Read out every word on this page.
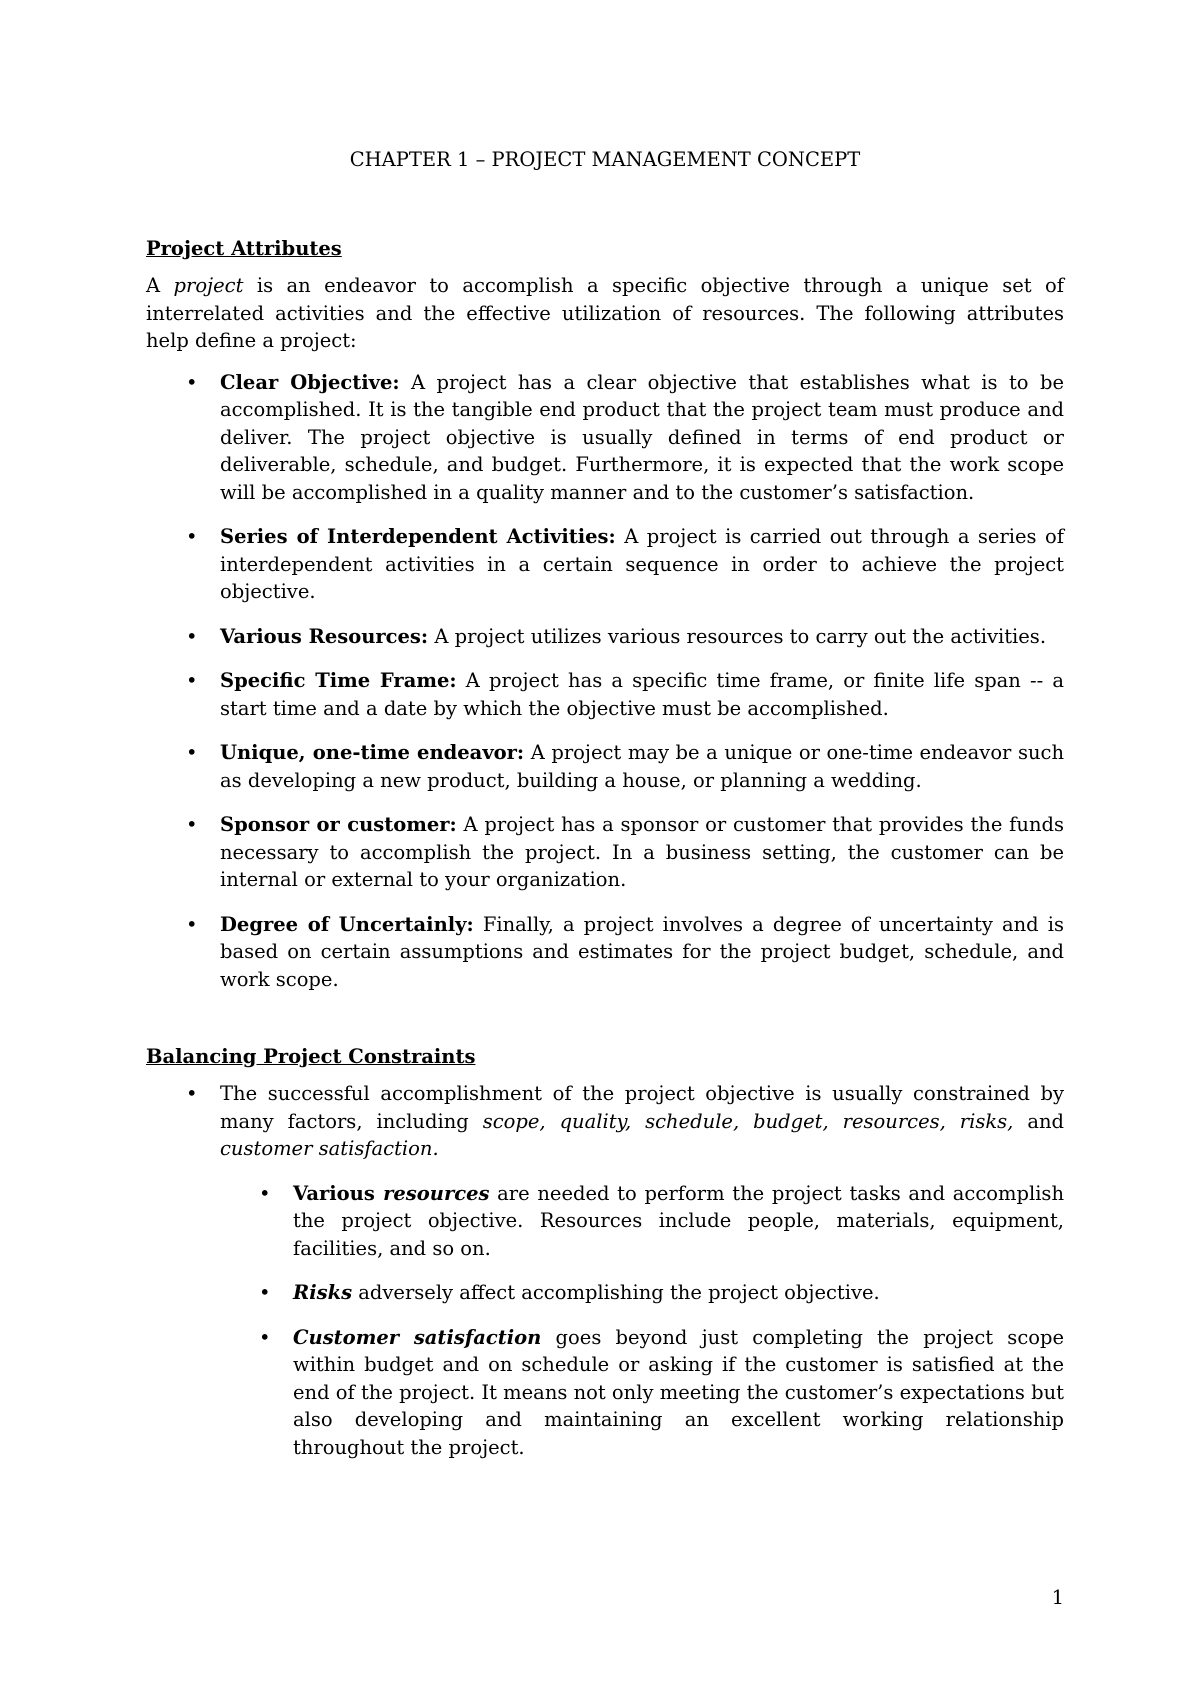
CHAPTER 1 – PROJECT MANAGEMENT CONCEPT
Project Attributes

A project is an endeavor to accomplish a specific objective through a unique set of interrelated activities and the effective utilization of resources. The following attributes help define a project:

• Clear Objective: A project has a clear objective that establishes what is to be accomplished. It is the tangible end product that the project team must produce and deliver. The project objective is usually defined in terms of end product or deliverable, schedule, and budget. Furthermore, it is expected that the work scope will be accomplished in a quality manner and to the customer’s satisfaction.
• Series of Interdependent Activities: A project is carried out through a series of interdependent activities in a certain sequence in order to achieve the project objective.
• Various Resources: A project utilizes various resources to carry out the activities.
• Specific Time Frame: A project has a specific time frame, or finite life span -- a start time and a date by which the objective must be accomplished.
• Unique, one-time endeavor: A project may be a unique or one-time endeavor such as developing a new product, building a house, or planning a wedding.
• Sponsor or customer: A project has a sponsor or customer that provides the funds necessary to accomplish the project. In a business setting, the customer can be internal or external to your organization.
• Degree of Uncertainly: Finally, a project involves a degree of uncertainty and is based on certain assumptions and estimates for the project budget, schedule, and work scope.
Balancing Project Constraints
• The successful accomplishment of the project objective is usually constrained by many factors, including scope, quality, schedule, budget, resources, risks, and customer satisfaction.
• Various resources are needed to perform the project tasks and accomplish the project objective. Resources include people, materials, equipment, facilities, and so on.
• Risks adversely affect accomplishing the project objective.
• Customer satisfaction goes beyond just completing the project scope within budget and on schedule or asking if the customer is satisfied at the end of the project. It means not only meeting the customer’s expectations but also developing and maintaining an excellent working relationship throughout the project.
1
